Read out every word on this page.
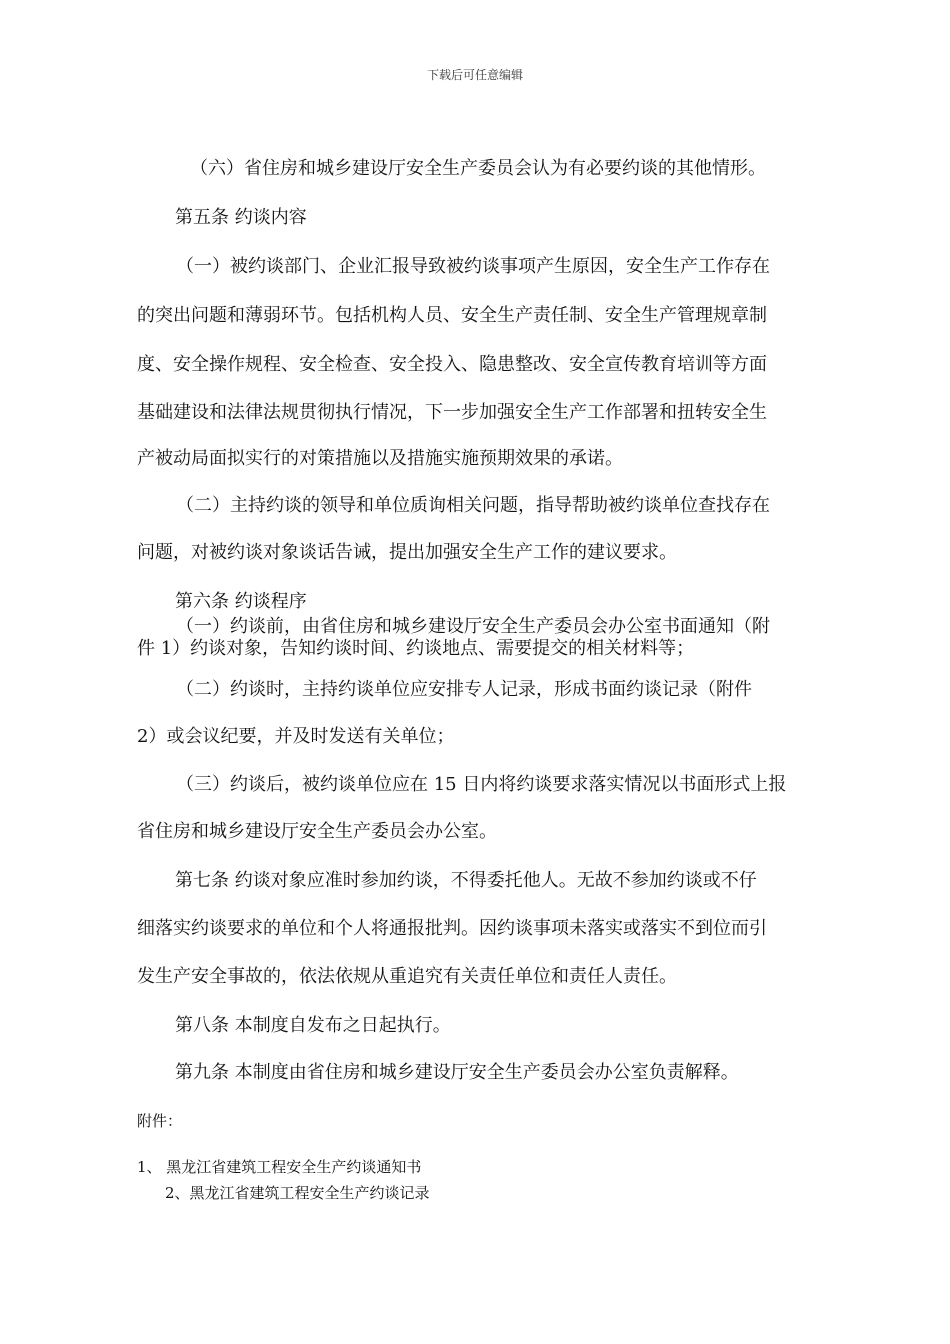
下载后可任意编辑
（六）省住房和城乡建设厅安全生产委员会认为有必要约谈的其他情形。
第五条 约谈内容
（一）被约谈部门、企业汇报导致被约谈事项产生原因，安全生产工作存在
的突出问题和薄弱环节。包括机构人员、安全生产责任制、安全生产管理规章制
度、安全操作规程、安全检查、安全投入、隐患整改、安全宣传教育培训等方面
基础建设和法律法规贯彻执行情况，下一步加强安全生产工作部署和扭转安全生
产被动局面拟实行的对策措施以及措施实施预期效果的承诺。
（二）主持约谈的领导和单位质询相关问题，指导帮助被约谈单位查找存在
问题，对被约谈对象谈话告诫，提出加强安全生产工作的建议要求。
第六条 约谈程序
（一）约谈前，由省住房和城乡建设厅安全生产委员会办公室书面通知（附
件 1）约谈对象，告知约谈时间、约谈地点、需要提交的相关材料等；
（二）约谈时，主持约谈单位应安排专人记录，形成书面约谈记录（附件
2）或会议纪要，并及时发送有关单位；
（三）约谈后，被约谈单位应在 15 日内将约谈要求落实情况以书面形式上报
省住房和城乡建设厅安全生产委员会办公室。
第七条 约谈对象应准时参加约谈，不得委托他人。无故不参加约谈或不仔
细落实约谈要求的单位和个人将通报批判。因约谈事项未落实或落实不到位而引
发生产安全事故的，依法依规从重追究有关责任单位和责任人责任。
第八条 本制度自发布之日起执行。
第九条 本制度由省住房和城乡建设厅安全生产委员会办公室负责解释。
附件：
1、 黑龙江省建筑工程安全生产约谈通知书
2、黑龙江省建筑工程安全生产约谈记录
